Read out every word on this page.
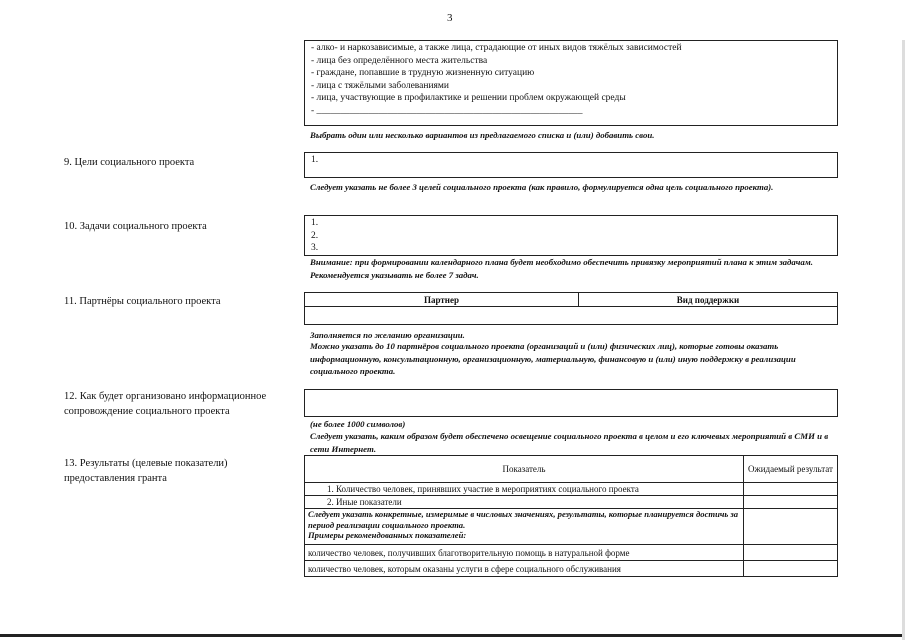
3
- алко- и наркозависимые, а также лица, страдающие от иных видов тяжёлых зависимостей
- лица без определённого места жительства
- граждане, попавшие в трудную жизненную ситуацию
- лица с тяжёлыми заболеваниями
- лица, участвующие в профилактике и решении проблем окружающей среды
- ________________________________________________________
Выбрать один или несколько вариантов из предлагаемого списка и (или) добавить свои.
9. Цели социального проекта	1.
Следует указать не более 3 целей социального проекта (как правило, формулируется одна цель социального проекта).
10. Задачи социального проекта	1.
2.
3.
Внимание: при формировании календарного плана будет необходимо обеспечить привязку мероприятий плана к этим задачам. Рекомендуется указывать не более 7 задач.
11. Партнёры социального проекта	Партнер	Вид поддержки

Заполняется по желанию организации.
Можно указать до 10 партнёров социального проекта (организаций и (или) физических лиц), которые готовы оказать информационную, консультационную, организационную, материальную, финансовую и (или) иную поддержку в реализации социального проекта.
12. Как будет организовано информационное
сопровождение социального проекта
(не более 1000 символов)
Следует указать, каким образом будет обеспечено освещение социального проекта в целом и его ключевых мероприятий в СМИ и в сети Интернет.
13. Результаты (целевые показатели)
предоставления гранта
Показатель	Ожидаемый результат
1. Количество человек, принявших участие в мероприятиях социального проекта	
2. Иные показатели	

Следует указать конкретные, измеримые в числовых значениях, результаты, которые планируется достичь за период реализации социального проекта.
Примеры рекомендованных показателей:	

количество человек, получивших благотворительную помощь в натуральной форме	
количество человек, которым оказаны услуги в сфере социального обслуживания	
